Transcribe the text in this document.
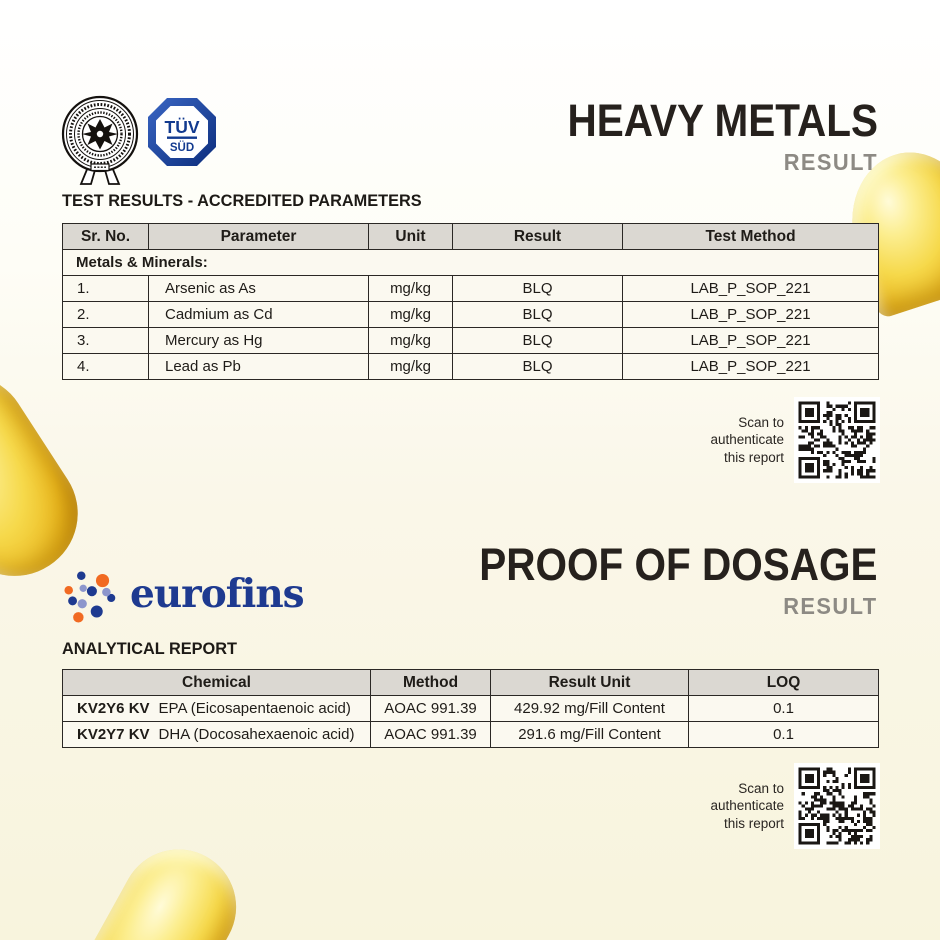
TÜV
SÜD
HEAVY METALS
RESULT
TEST RESULTS - ACCREDITED PARAMETERS
Sr. No.	Parameter	Unit	Result	Test Method
Metals & Minerals:				
1.	Arsenic as As	mg/kg	BLQ	LAB_P_SOP_221
2.	Cadmium as Cd	mg/kg	BLQ	LAB_P_SOP_221
3.	Mercury as Hg	mg/kg	BLQ	LAB_P_SOP_221
4.	Lead as Pb	mg/kg	BLQ	LAB_P_SOP_221
Scan to
authenticate
this report
eurofins
PROOF OF DOSAGE
RESULT
ANALYTICAL REPORT
Chemical	Method	Result Unit	LOQ
KV2Y6 KV EPA (Eicosapentaenoic acid)	AOAC 991.39	429.92 mg/Fill Content	0.1
KV2Y7 KV DHA (Docosahexaenoic acid)	AOAC 991.39	291.6 mg/Fill Content	0.1
Scan to
authenticate
this report
